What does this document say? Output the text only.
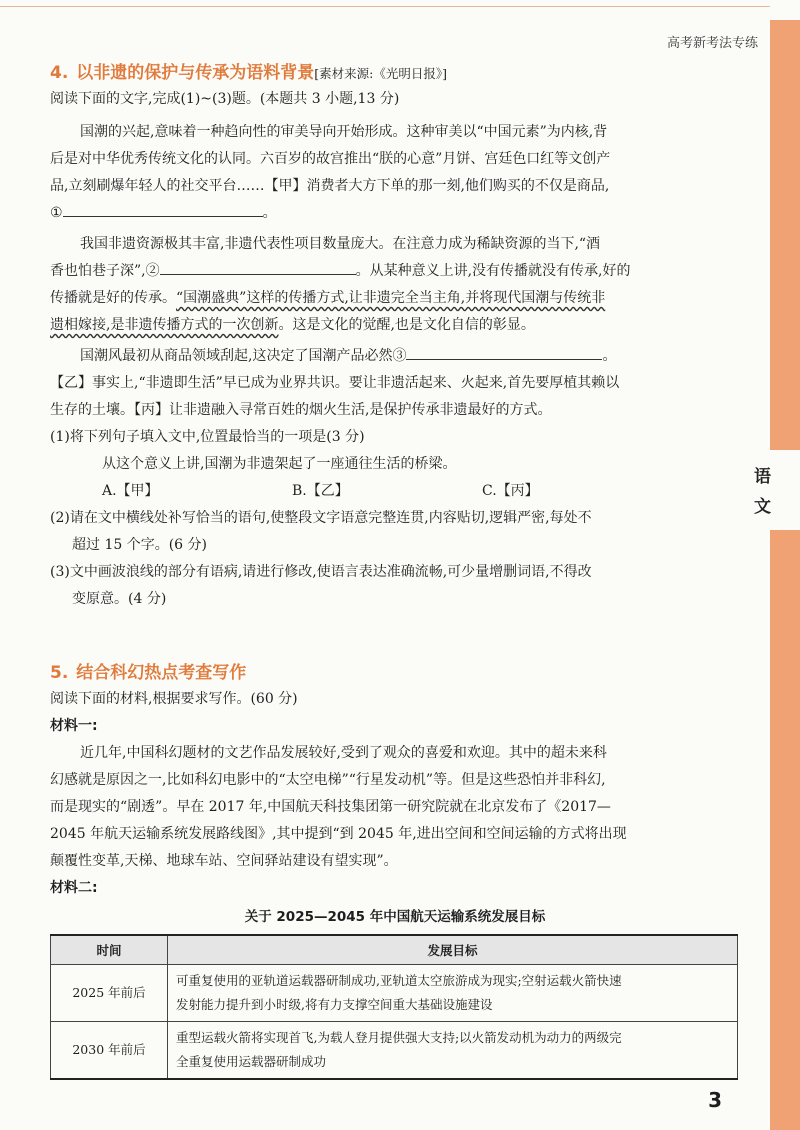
高考新考法专练
语
文
4. 以非遗的保护与传承为语料背景[素材来源:《光明日报》]
阅读下面的文字,完成(1)~(3)题。(本题共 3 小题,13 分)
国潮的兴起,意味着一种趋向性的审美导向开始形成。这种审美以“中国元素”为内核,背
后是对中华优秀传统文化的认同。六百岁的故宫推出“朕的心意”月饼、宫廷色口红等文创产
品,立刻刷爆年轻人的社交平台……【甲】消费者大方下单的那一刻,他们购买的不仅是商品,
①	。
我国非遗资源极其丰富,非遗代表性项目数量庞大。在注意力成为稀缺资源的当下,“酒
香也怕巷子深”,②	。从某种意义上讲,没有传播就没有传承,好的
传播就是好的传承。“国潮盛典”这样的传播方式,让非遗完全当主角,并将现代国潮与传统非
遗相嫁接,是非遗传播方式的一次创新。这是文化的觉醒,也是文化自信的彰显。
国潮风最初从商品领域刮起,这决定了国潮产品必然③	。
【乙】事实上,“非遗即生活”早已成为业界共识。要让非遗活起来、火起来,首先要厚植其赖以
生存的土壤。【丙】让非遗融入寻常百姓的烟火生活,是保护传承非遗最好的方式。
(1)将下列句子填入文中,位置最恰当的一项是(3 分)
从这个意义上讲,国潮为非遗架起了一座通往生活的桥梁。
A.【甲】	B.【乙】	C.【丙】
(2)请在文中横线处补写恰当的语句,使整段文字语意完整连贯,内容贴切,逻辑严密,每处不
超过 15 个字。(6 分)
(3)文中画波浪线的部分有语病,请进行修改,使语言表达准确流畅,可少量增删词语,不得改
变原意。(4 分)
5. 结合科幻热点考查写作
阅读下面的材料,根据要求写作。(60 分)
材料一:
近几年,中国科幻题材的文艺作品发展较好,受到了观众的喜爱和欢迎。其中的超未来科
幻感就是原因之一,比如科幻电影中的“太空电梯”“行星发动机”等。但是这些恐怕并非科幻,
而是现实的“剧透”。早在 2017 年,中国航天科技集团第一研究院就在北京发布了《2017—
2045 年航天运输系统发展路线图》,其中提到“到 2045 年,进出空间和空间运输的方式将出现
颠覆性变革,天梯、地球车站、空间驿站建设有望实现”。
材料二:
关于 2025—2045 年中国航天运输系统发展目标
时间	发展目标
2025 年前后	可重复使用的亚轨道运载器研制成功,亚轨道太空旅游成为现实;空射运载火箭快速
发射能力提升到小时级,将有力支撑空间重大基础设施建设

2030 年前后	重型运载火箭将实现首飞,为载人登月提供强大支持;以火箭发动机为动力的两级完
全重复使用运载器研制成功
3
